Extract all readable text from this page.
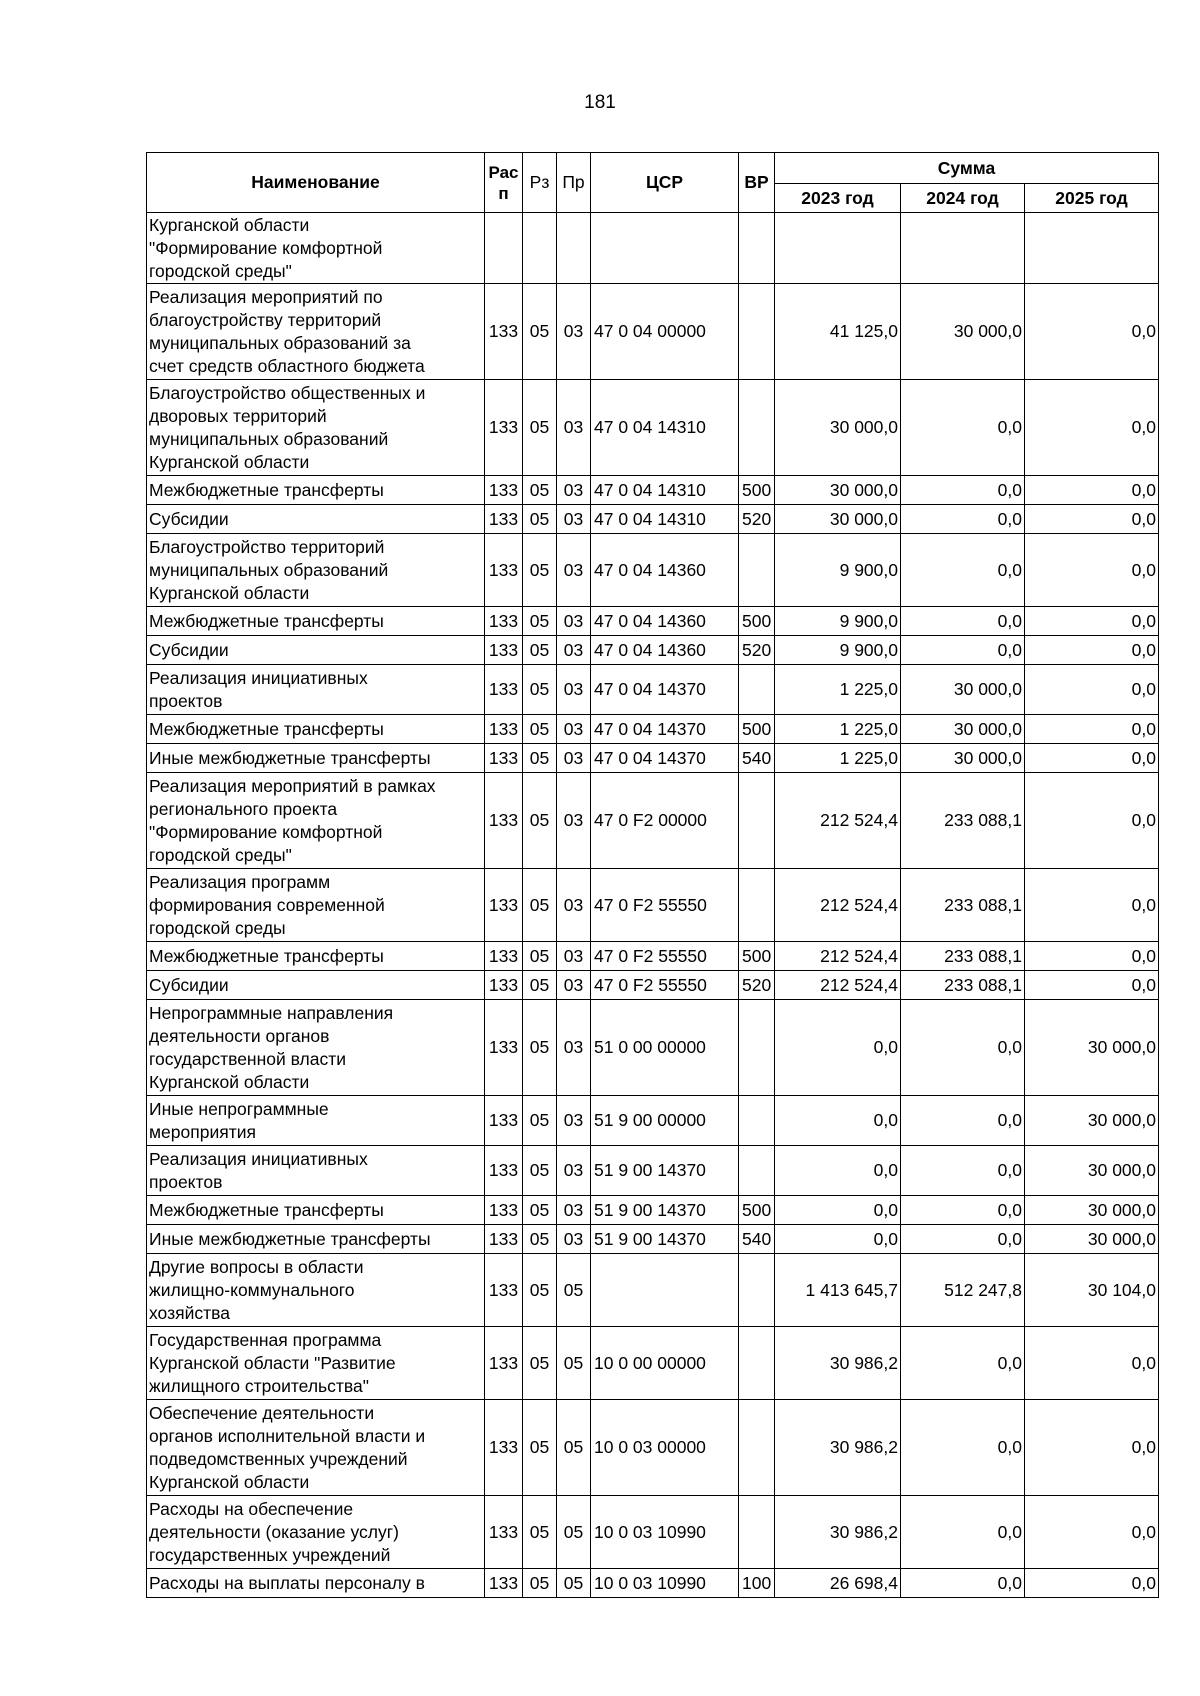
181
Наименование	Рас
п	Рз	Пр	ЦСР	ВР	Сумма		
						2023 год	2024 год	2025 год
Курганской области
"Формирование комфортной
городской среды"								
Реализация мероприятий по
благоустройству территорий
муниципальных образований за
счет средств областного бюджета	133	05	03	47 0 04 00000		41 125,0	30 000,0	0,0
Благоустройство общественных и
дворовых территорий
муниципальных образований
Курганской области	133	05	03	47 0 04 14310		30 000,0	0,0	0,0
Межбюджетные трансферты	133	05	03	47 0 04 14310	500	30 000,0	0,0	0,0
Субсидии	133	05	03	47 0 04 14310	520	30 000,0	0,0	0,0
Благоустройство территорий
муниципальных образований
Курганской области	133	05	03	47 0 04 14360		9 900,0	0,0	0,0
Межбюджетные трансферты	133	05	03	47 0 04 14360	500	9 900,0	0,0	0,0
Субсидии	133	05	03	47 0 04 14360	520	9 900,0	0,0	0,0
Реализация инициативных
проектов	133	05	03	47 0 04 14370		1 225,0	30 000,0	0,0
Межбюджетные трансферты	133	05	03	47 0 04 14370	500	1 225,0	30 000,0	0,0
Иные межбюджетные трансферты	133	05	03	47 0 04 14370	540	1 225,0	30 000,0	0,0
Реализация мероприятий в рамках
регионального проекта
"Формирование комфортной
городской среды"	133	05	03	47 0 F2 00000		212 524,4	233 088,1	0,0
Реализация программ
формирования современной
городской среды	133	05	03	47 0 F2 55550		212 524,4	233 088,1	0,0
Межбюджетные трансферты	133	05	03	47 0 F2 55550	500	212 524,4	233 088,1	0,0
Субсидии	133	05	03	47 0 F2 55550	520	212 524,4	233 088,1	0,0
Непрограммные направления
деятельности органов
государственной власти
Курганской области	133	05	03	51 0 00 00000		0,0	0,0	30 000,0
Иные непрограммные
мероприятия	133	05	03	51 9 00 00000		0,0	0,0	30 000,0
Реализация инициативных
проектов	133	05	03	51 9 00 14370		0,0	0,0	30 000,0
Межбюджетные трансферты	133	05	03	51 9 00 14370	500	0,0	0,0	30 000,0
Иные межбюджетные трансферты	133	05	03	51 9 00 14370	540	0,0	0,0	30 000,0
Другие вопросы в области
жилищно-коммунального
хозяйства	133	05	05			1 413 645,7	512 247,8	30 104,0
Государственная программа
Курганской области "Развитие
жилищного строительства"	133	05	05	10 0 00 00000		30 986,2	0,0	0,0
Обеспечение деятельности
органов исполнительной власти и
подведомственных учреждений
Курганской области	133	05	05	10 0 03 00000		30 986,2	0,0	0,0
Расходы на обеспечение
деятельности (оказание услуг)
государственных учреждений	133	05	05	10 0 03 10990		30 986,2	0,0	0,0
Расходы на выплаты персоналу в	133	05	05	10 0 03 10990	100	26 698,4	0,0	0,0
